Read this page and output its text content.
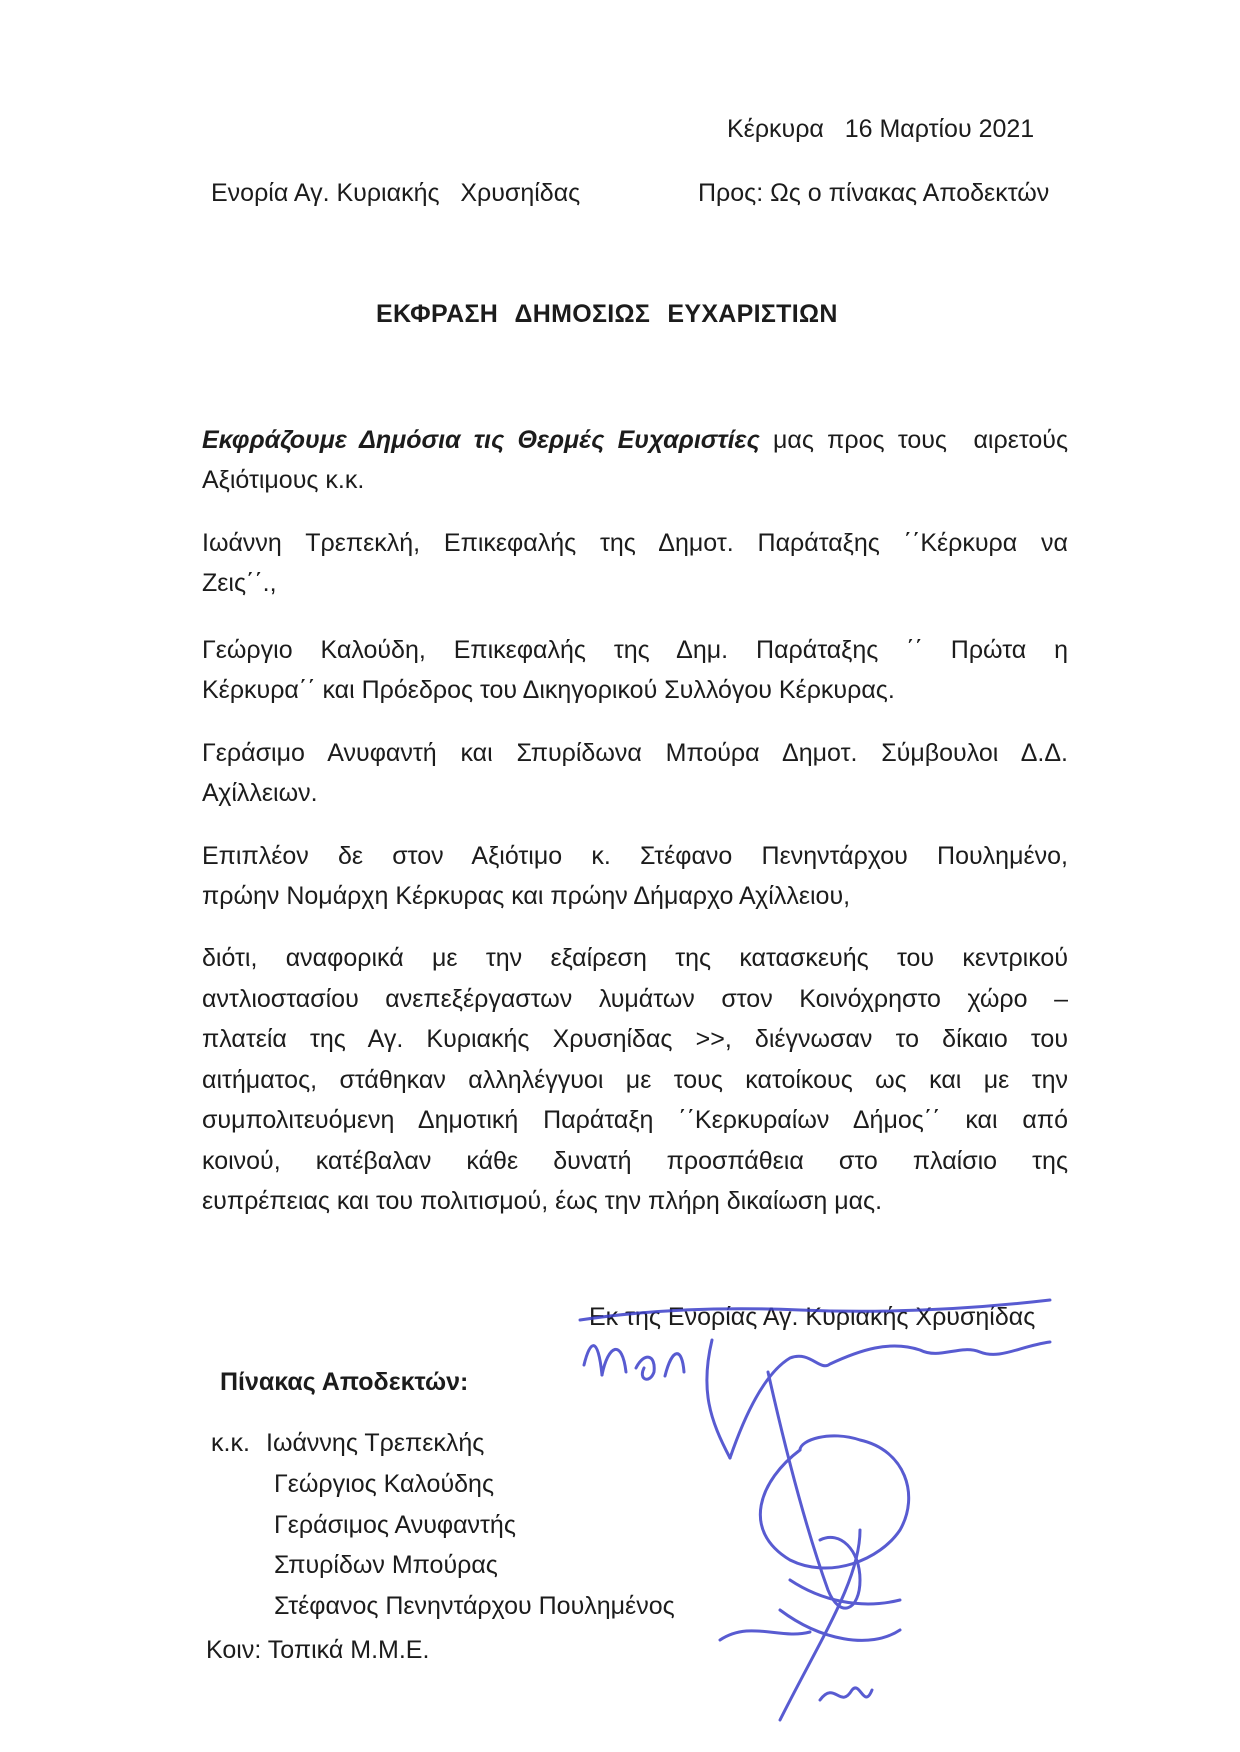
Κέρκυρα   16 Μαρτίου 2021
Ενορία Αγ. Κυριακής   Χρυσηίδας	Προς: Ως ο πίνακας Αποδεκτών
ΕΚΦΡΑΣΗ ΔΗΜΟΣΙΩΣ ΕΥΧΑΡΙΣΤΙΩΝ
Εκφράζουμε Δημόσια τις Θερμές Ευχαριστίες μας προς τους  αιρετούς
Αξιότιμους κ.κ.
Ιωάννη Τρεπεκλή, Επικεφαλής της Δημοτ. Παράταξης ΄΄Κέρκυρα να
Ζεις΄΄.,
Γεώργιο Καλούδη, Επικεφαλής της Δημ. Παράταξης ΄΄ Πρώτα η
Κέρκυρα΄΄ και Πρόεδρος του Δικηγορικού Συλλόγου Κέρκυρας.
Γεράσιμο Ανυφαντή και Σπυρίδωνα Μπούρα Δημοτ. Σύμβουλοι Δ.Δ.
Αχίλλειων.
Επιπλέον δε στον Αξιότιμο κ. Στέφανο Πενηντάρχου Πουλημένο,
πρώην Νομάρχη Κέρκυρας και πρώην Δήμαρχο Αχίλλειου,
διότι, αναφορικά με την εξαίρεση της κατασκευής του κεντρικού
αντλιοστασίου ανεπεξέργαστων λυμάτων στον Κοινόχρηστο χώρο –
πλατεία της Αγ. Κυριακής Χρυσηίδας >>, διέγνωσαν το δίκαιο του
αιτήματος, στάθηκαν αλληλέγγυοι με τους κατοίκους ως και με την
συμπολιτευόμενη Δημοτική Παράταξη ΄΄Κερκυραίων Δήμος΄΄ και από
κοινού, κατέβαλαν κάθε δυνατή προσπάθεια στο πλαίσιο της
ευπρέπειας και του πολιτισμού, έως την πλήρη δικαίωση μας.
Εκ της Ενορίας Αγ. Κυριακής Χρυσηίδας
Πίνακας Αποδεκτών:
κ.κ. Ιωάννης Τρεπεκλής
Γεώργιος Καλούδης
Γεράσιμος Ανυφαντής
Σπυρίδων Μπούρας
Στέφανος Πενηντάρχου Πουλημένος
Κοιν: Τοπικά Μ.Μ.Ε.
